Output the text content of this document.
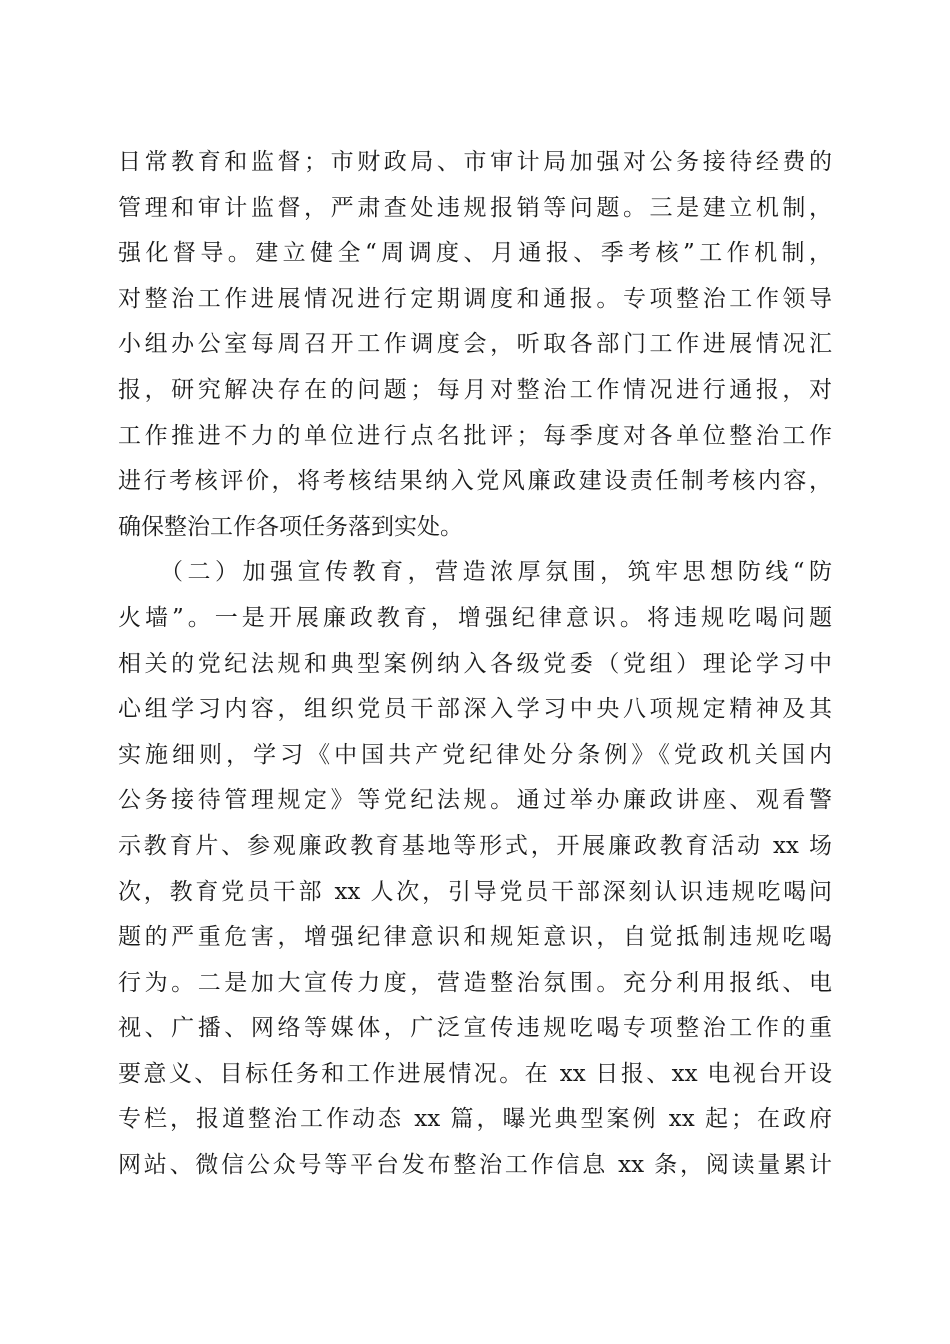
日常教育和监督；市财政局、市审计局加强对公务接待经费的
管理和审计监督，严肃查处违规报销等问题。三是建立机制，
强化督导。建立健全“周调度、月通报、季考核”工作机制，
对整治工作进展情况进行定期调度和通报。专项整治工作领导
小组办公室每周召开工作调度会，听取各部门工作进展情况汇
报，研究解决存在的问题；每月对整治工作情况进行通报，对
工作推进不力的单位进行点名批评；每季度对各单位整治工作
进行考核评价，将考核结果纳入党风廉政建设责任制考核内容，
确保整治工作各项任务落到实处。
（二）加强宣传教育，营造浓厚氛围，筑牢思想防线“防
火墙”。一是开展廉政教育，增强纪律意识。将违规吃喝问题
相关的党纪法规和典型案例纳入各级党委（党组）理论学习中
心组学习内容，组织党员干部深入学习中央八项规定精神及其
实施细则，学习《中国共产党纪律处分条例》《党政机关国内
公务接待管理规定》等党纪法规。通过举办廉政讲座、观看警
示教育片、参观廉政教育基地等形式，开展廉政教育活动 xx 场
次，教育党员干部 xx 人次，引导党员干部深刻认识违规吃喝问
题的严重危害，增强纪律意识和规矩意识，自觉抵制违规吃喝
行为。二是加大宣传力度，营造整治氛围。充分利用报纸、电
视、广播、网络等媒体，广泛宣传违规吃喝专项整治工作的重
要意义、目标任务和工作进展情况。在 xx 日报、xx 电视台开设
专栏，报道整治工作动态 xx 篇，曝光典型案例 xx 起；在政府
网站、微信公众号等平台发布整治工作信息 xx 条，阅读量累计
